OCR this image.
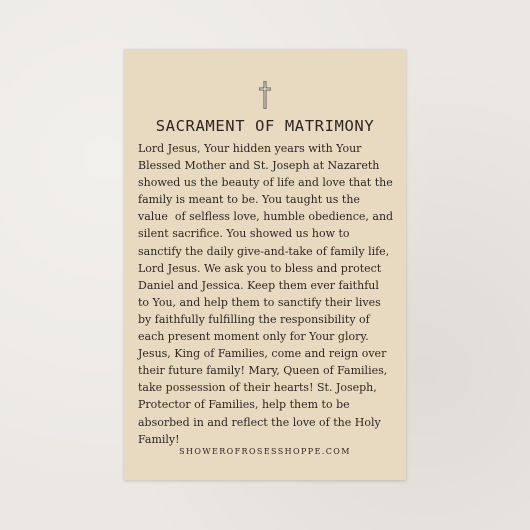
SACRAMENT OF MATRIMONY
Lord Jesus, Your hidden years with Your
Blessed Mother and St. Joseph at Nazareth
showed us the beauty of life and love that the
family is meant to be. You taught us the
value  of selfless love, humble obedience, and
silent sacrifice. You showed us how to
sanctify the daily give-and-take of family life,
Lord Jesus. We ask you to bless and protect
Daniel and Jessica. Keep them ever faithful
to You, and help them to sanctify their lives
by faithfully fulfilling the responsibility of
each present moment only for Your glory.
Jesus, King of Families, come and reign over
their future family! Mary, Queen of Families,
take possession of their hearts! St. Joseph,
Protector of Families, help them to be
absorbed in and reflect the love of the Holy
Family!
SHOWEROFROSESSHOPPE.COM
